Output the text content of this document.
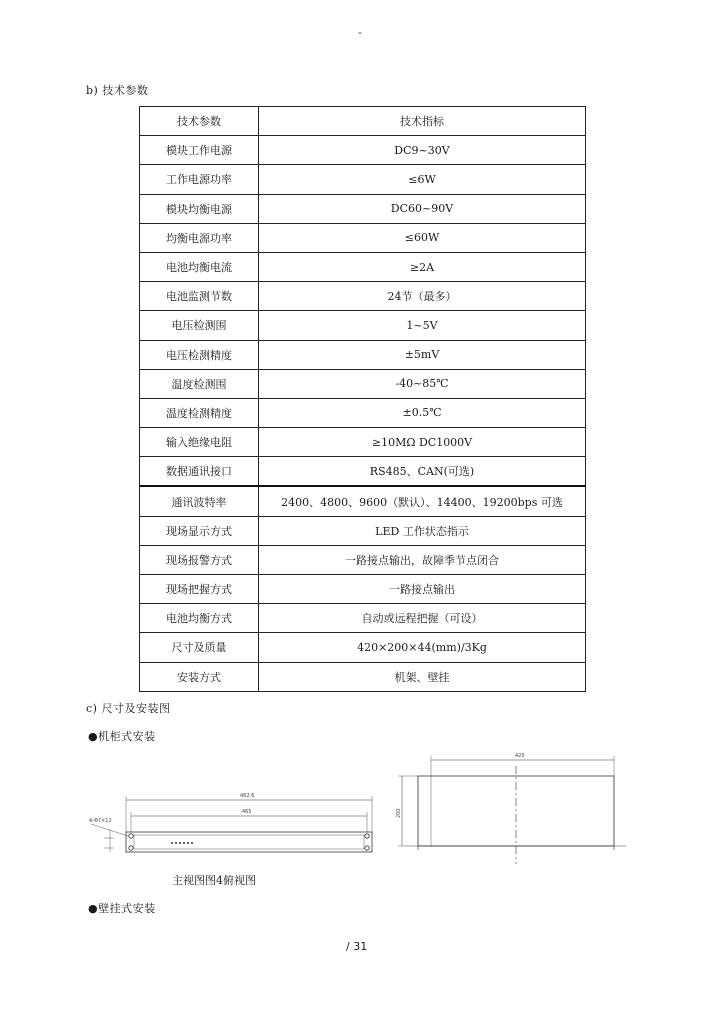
-
b) 技术参数
技术参数	技术指标
模块工作电源	DC9~30V
工作电源功率	≤6W
模块均衡电源	DC60~90V
均衡电源功率	≤60W
电池均衡电流	≥2A
电池监测节数	24节（最多）
电压检测围	1~5V
电压检测精度	±5mV
温度检测围	-40~85℃
温度检测精度	±0.5℃
输入绝缘电阻	≥10MΩ DC1000V
数据通讯接口	RS485、CAN(可选)
通讯波特率	2400、4800、9600（默认）、14400、19200bps 可选
现场显示方式	LED 工作状态指示
现场报警方式	一路接点输出，故障季节点闭合
现场把握方式	一路接点输出
电池均衡方式	自动或远程把握（可设）
尺寸及质量	420×200×44(mm)/3Kg
安装方式	机架、壁挂
c) 尺寸及安装图
●机柜式安装
482.6
465
4-Φ7×12
420
200
主视图图4俯视图
●壁挂式安装
/ 31
